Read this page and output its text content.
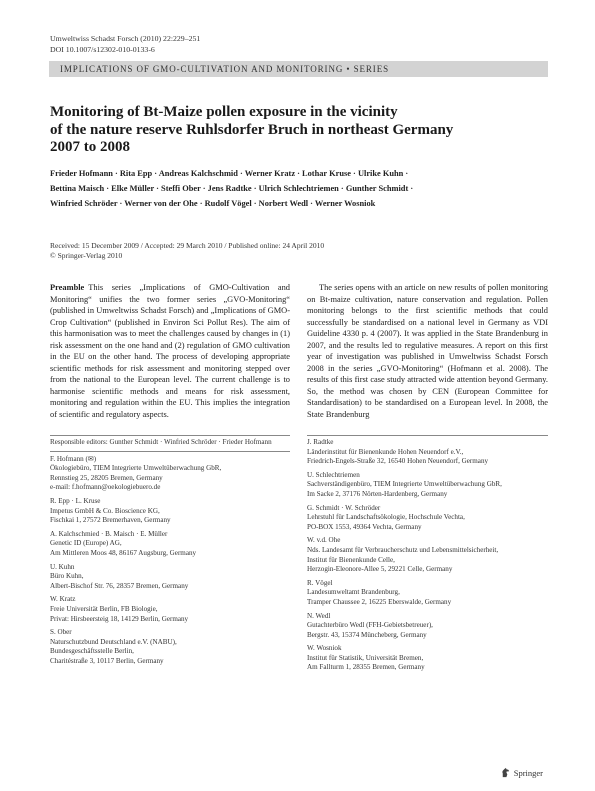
Umweltwiss Schadst Forsch (2010) 22:229–251
DOI 10.1007/s12302-010-0133-6
IMPLICATIONS OF GMO-CULTIVATION AND MONITORING • SERIES
Monitoring of Bt-Maize pollen exposure in the vicinity
of the nature reserve Ruhlsdorfer Bruch in northeast Germany
2007 to 2008
Frieder Hofmann · Rita Epp · Andreas Kalchschmid · Werner Kratz · Lothar Kruse · Ulrike Kuhn ·
Bettina Maisch · Elke Müller · Steffi Ober · Jens Radtke · Ulrich Schlechtriemen · Gunther Schmidt ·
Winfried Schröder · Werner von der Ohe · Rudolf Vögel · Norbert Wedl · Werner Wosniok
Received: 15 December 2009 / Accepted: 29 March 2010 / Published online: 24 April 2010
© Springer-Verlag 2010

Preamble This series „Implications of GMO-Cultivation and Monitoring“ unifies the two former series „GVO-Monitoring“ (published in Umweltwiss Schadst Forsch) and „Implications of GMO-Crop Cultivation“ (published in Environ Sci Pollut Res). The aim of this harmonisation was to meet the challenges caused by changes in (1) risk assessment on the one hand and (2) regulation of GMO cultivation in the EU on the other hand. The process of developing appropriate scientific methods for risk assessment and monitoring stepped over from the national to the European level. The current challenge is to harmonise scientific methods and means for risk assessment, monitoring and regulation within the EU. This implies the integration of scientific and regulatory aspects.

The series opens with an article on new results of pollen monitoring on Bt-maize cultivation, nature conservation and regulation. Pollen monitoring belongs to the first scientific methods that could successfully be standardised on a national level in Germany as VDI Guideline 4330 p. 4 (2007). It was applied in the State Brandenburg in 2007, and the results led to regulative measures. A report on this first year of investigation was published in Umweltwiss Schadst Forsch 2008 in the series „GVO-Monitoring“ (Hofmann et al. 2008). The results of this first case study attracted wide attention beyond Germany. So, the method was chosen by CEN (European Committee for Standardisation) to be standardised on a European level. In 2008, the State Brandenburg

Responsible editors: Gunther Schmidt · Winfried Schröder · Frieder Hofmann
F. Hofmann (✉)
Ökologiebüro, TIEM Integrierte Umweltüberwachung GbR,
Rennstieg 25, 28205 Bremen, Germany
e-mail: f.hofmann@oekologiebuero.de
R. Epp · L. Kruse
Impetus GmbH & Co. Bioscience KG,
Fischkai 1, 27572 Bremerhaven, Germany
A. Kalchschmied · B. Maisch · E. Müller
Genetic ID (Europe) AG,
Am Mittleren Moos 48, 86167 Augsburg, Germany
U. Kuhn
Büro Kuhn,
Albert-Bischof Str. 76, 28357 Bremen, Germany
W. Kratz
Freie Universität Berlin, FB Biologie,
Privat: Hirsbeersteig 18, 14129 Berlin, Germany
S. Ober
Naturschutzbund Deutschland e.V. (NABU),
Bundesgeschäftsstelle Berlin,
Charitéstraße 3, 10117 Berlin, Germany
J. Radtke
Länderinstitut für Bienenkunde Hohen Neuendorf e.V.,
Friedrich-Engels-Straße 32, 16540 Hohen Neuendorf, Germany
U. Schlechtriemen
Sachverständigenbüro, TIEM Integrierte Umweltüberwachung GbR,
Im Sacke 2, 37176 Nörten-Hardenberg, Germany
G. Schmidt · W. Schröder
Lehrstuhl für Landschaftsökologie, Hochschule Vechta,
PO-BOX 1553, 49364 Vechta, Germany
W. v.d. Ohe
Nds. Landesamt für Verbraucherschutz und Lebensmittelsicherheit,
Institut für Bienenkunde Celle,
Herzogin-Eleonore-Allee 5, 29221 Celle, Germany
R. Vögel
Landesumweltamt Brandenburg,
Tramper Chaussee 2, 16225 Eberswalde, Germany
N. Wedl
Gutachterbüro Wedl (FFH-Gebietsbetreuer),
Bergstr. 43, 15374 Müncheberg, Germany
W. Wosniok
Institut für Statistik, Universität Bremen,
Am Fallturm 1, 28355 Bremen, Germany
Springer
